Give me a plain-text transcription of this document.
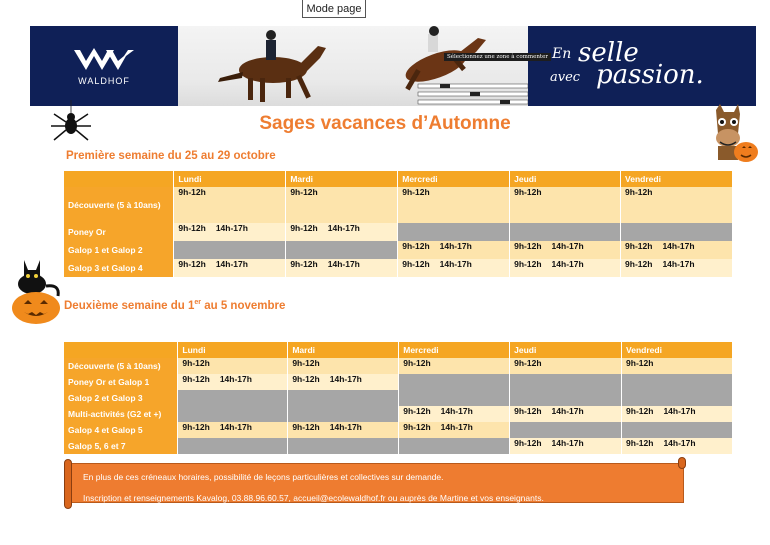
Mode page
WALDHOF
En selle
avec passion.
Sélectionnez une zone à commenter
Sages vacances d’Automne
Première semaine du 25 au 29 octobre
	Lundi	Mardi	Mercredi	Jeudi	Vendredi
Découverte (5 à 10ans)	9h-12h	9h-12h	9h-12h	9h-12h	9h-12h
Poney Or	9h-12h 14h-17h	9h-12h 14h-17h			
Galop 1 et Galop 2			9h-12h 14h-17h	9h-12h 14h-17h	9h-12h 14h-17h
Galop 3 et Galop 4	9h-12h 14h-17h	9h-12h 14h-17h	9h-12h 14h-17h	9h-12h 14h-17h	9h-12h 14h-17h
Deuxième semaine du 1er au 5 novembre
	Lundi	Mardi	Mercredi	Jeudi	Vendredi
Découverte (5 à 10ans)	9h-12h	9h-12h	9h-12h	9h-12h	9h-12h
Poney Or et Galop 1	9h-12h 14h-17h	9h-12h 14h-17h			
Galop 2 et Galop 3					
Multi-activités (G2 et +)			9h-12h 14h-17h	9h-12h 14h-17h	9h-12h 14h-17h
Galop 4 et Galop 5	9h-12h 14h-17h	9h-12h 14h-17h	9h-12h 14h-17h		
Galop 5, 6 et 7				9h-12h 14h-17h	9h-12h 14h-17h
En plus de ces créneaux horaires, possibilité de leçons particulières et collectives sur demande.
Inscription et renseignements Kavalog, 03.88.96.60.57, accueil@ecolewaldhof.fr ou auprès de Martine et vos enseignants.
